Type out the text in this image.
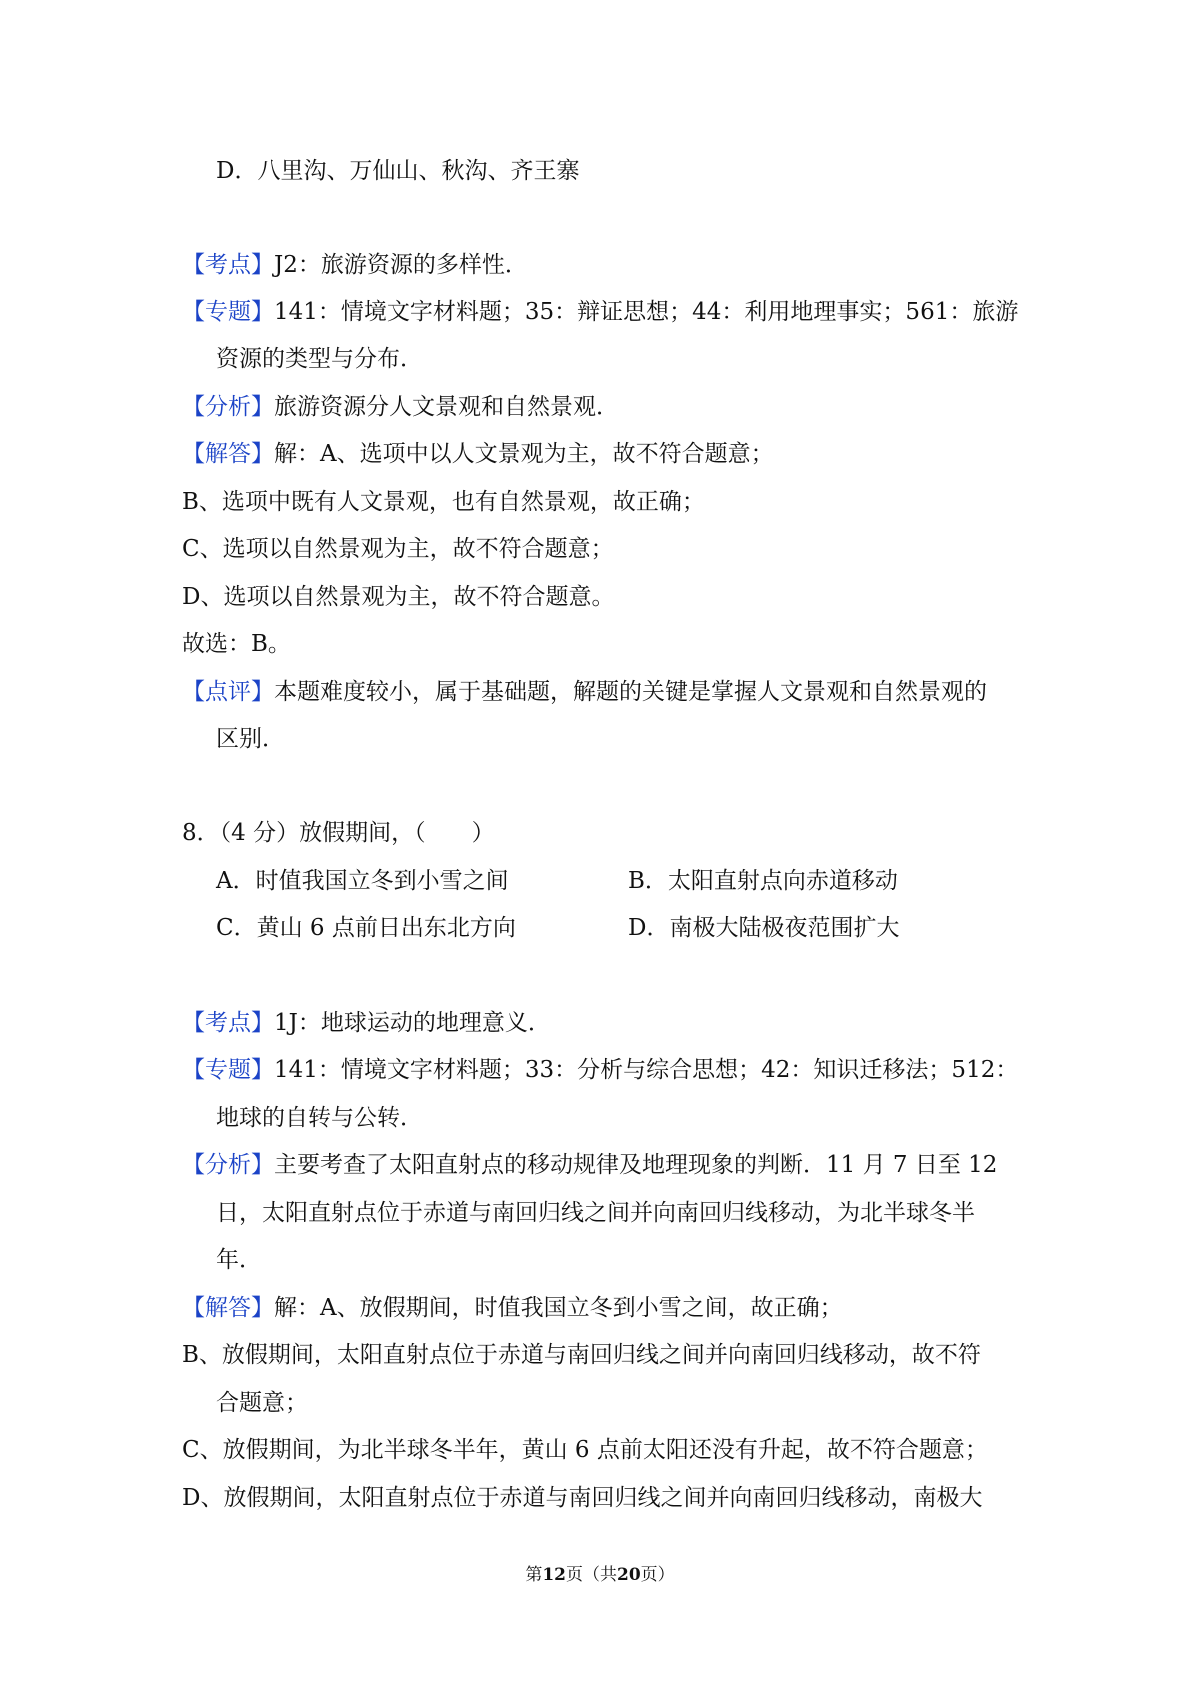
D．八里沟、万仙山、秋沟、齐王寨
【考点】J2：旅游资源的多样性．
【专题】141：情境文字材料题；35：辩证思想；44：利用地理事实；561：旅游
资源的类型与分布．
【分析】旅游资源分人文景观和自然景观．
【解答】解：A、选项中以人文景观为主，故不符合题意；
B、选项中既有人文景观，也有自然景观，故正确；
C、选项以自然景观为主，故不符合题意；
D、选项以自然景观为主，故不符合题意。
故选：B。
【点评】本题难度较小，属于基础题，解题的关键是掌握人文景观和自然景观的
区别．
8．（4 分）放假期间，（　　）
A．时值我国立冬到小雪之间	B．太阳直射点向赤道移动
C．黄山 6 点前日出东北方向	D．南极大陆极夜范围扩大
【考点】1J：地球运动的地理意义．
【专题】141：情境文字材料题；33：分析与综合思想；42：知识迁移法；512：
地球的自转与公转．
【分析】主要考查了太阳直射点的移动规律及地理现象的判断．11 月 7 日至 12
日，太阳直射点位于赤道与南回归线之间并向南回归线移动，为北半球冬半
年．
【解答】解：A、放假期间，时值我国立冬到小雪之间，故正确；
B、放假期间，太阳直射点位于赤道与南回归线之间并向南回归线移动，故不符
合题意；
C、放假期间，为北半球冬半年，黄山 6 点前太阳还没有升起，故不符合题意；
D、放假期间，太阳直射点位于赤道与南回归线之间并向南回归线移动，南极大
第12页（共20页）
